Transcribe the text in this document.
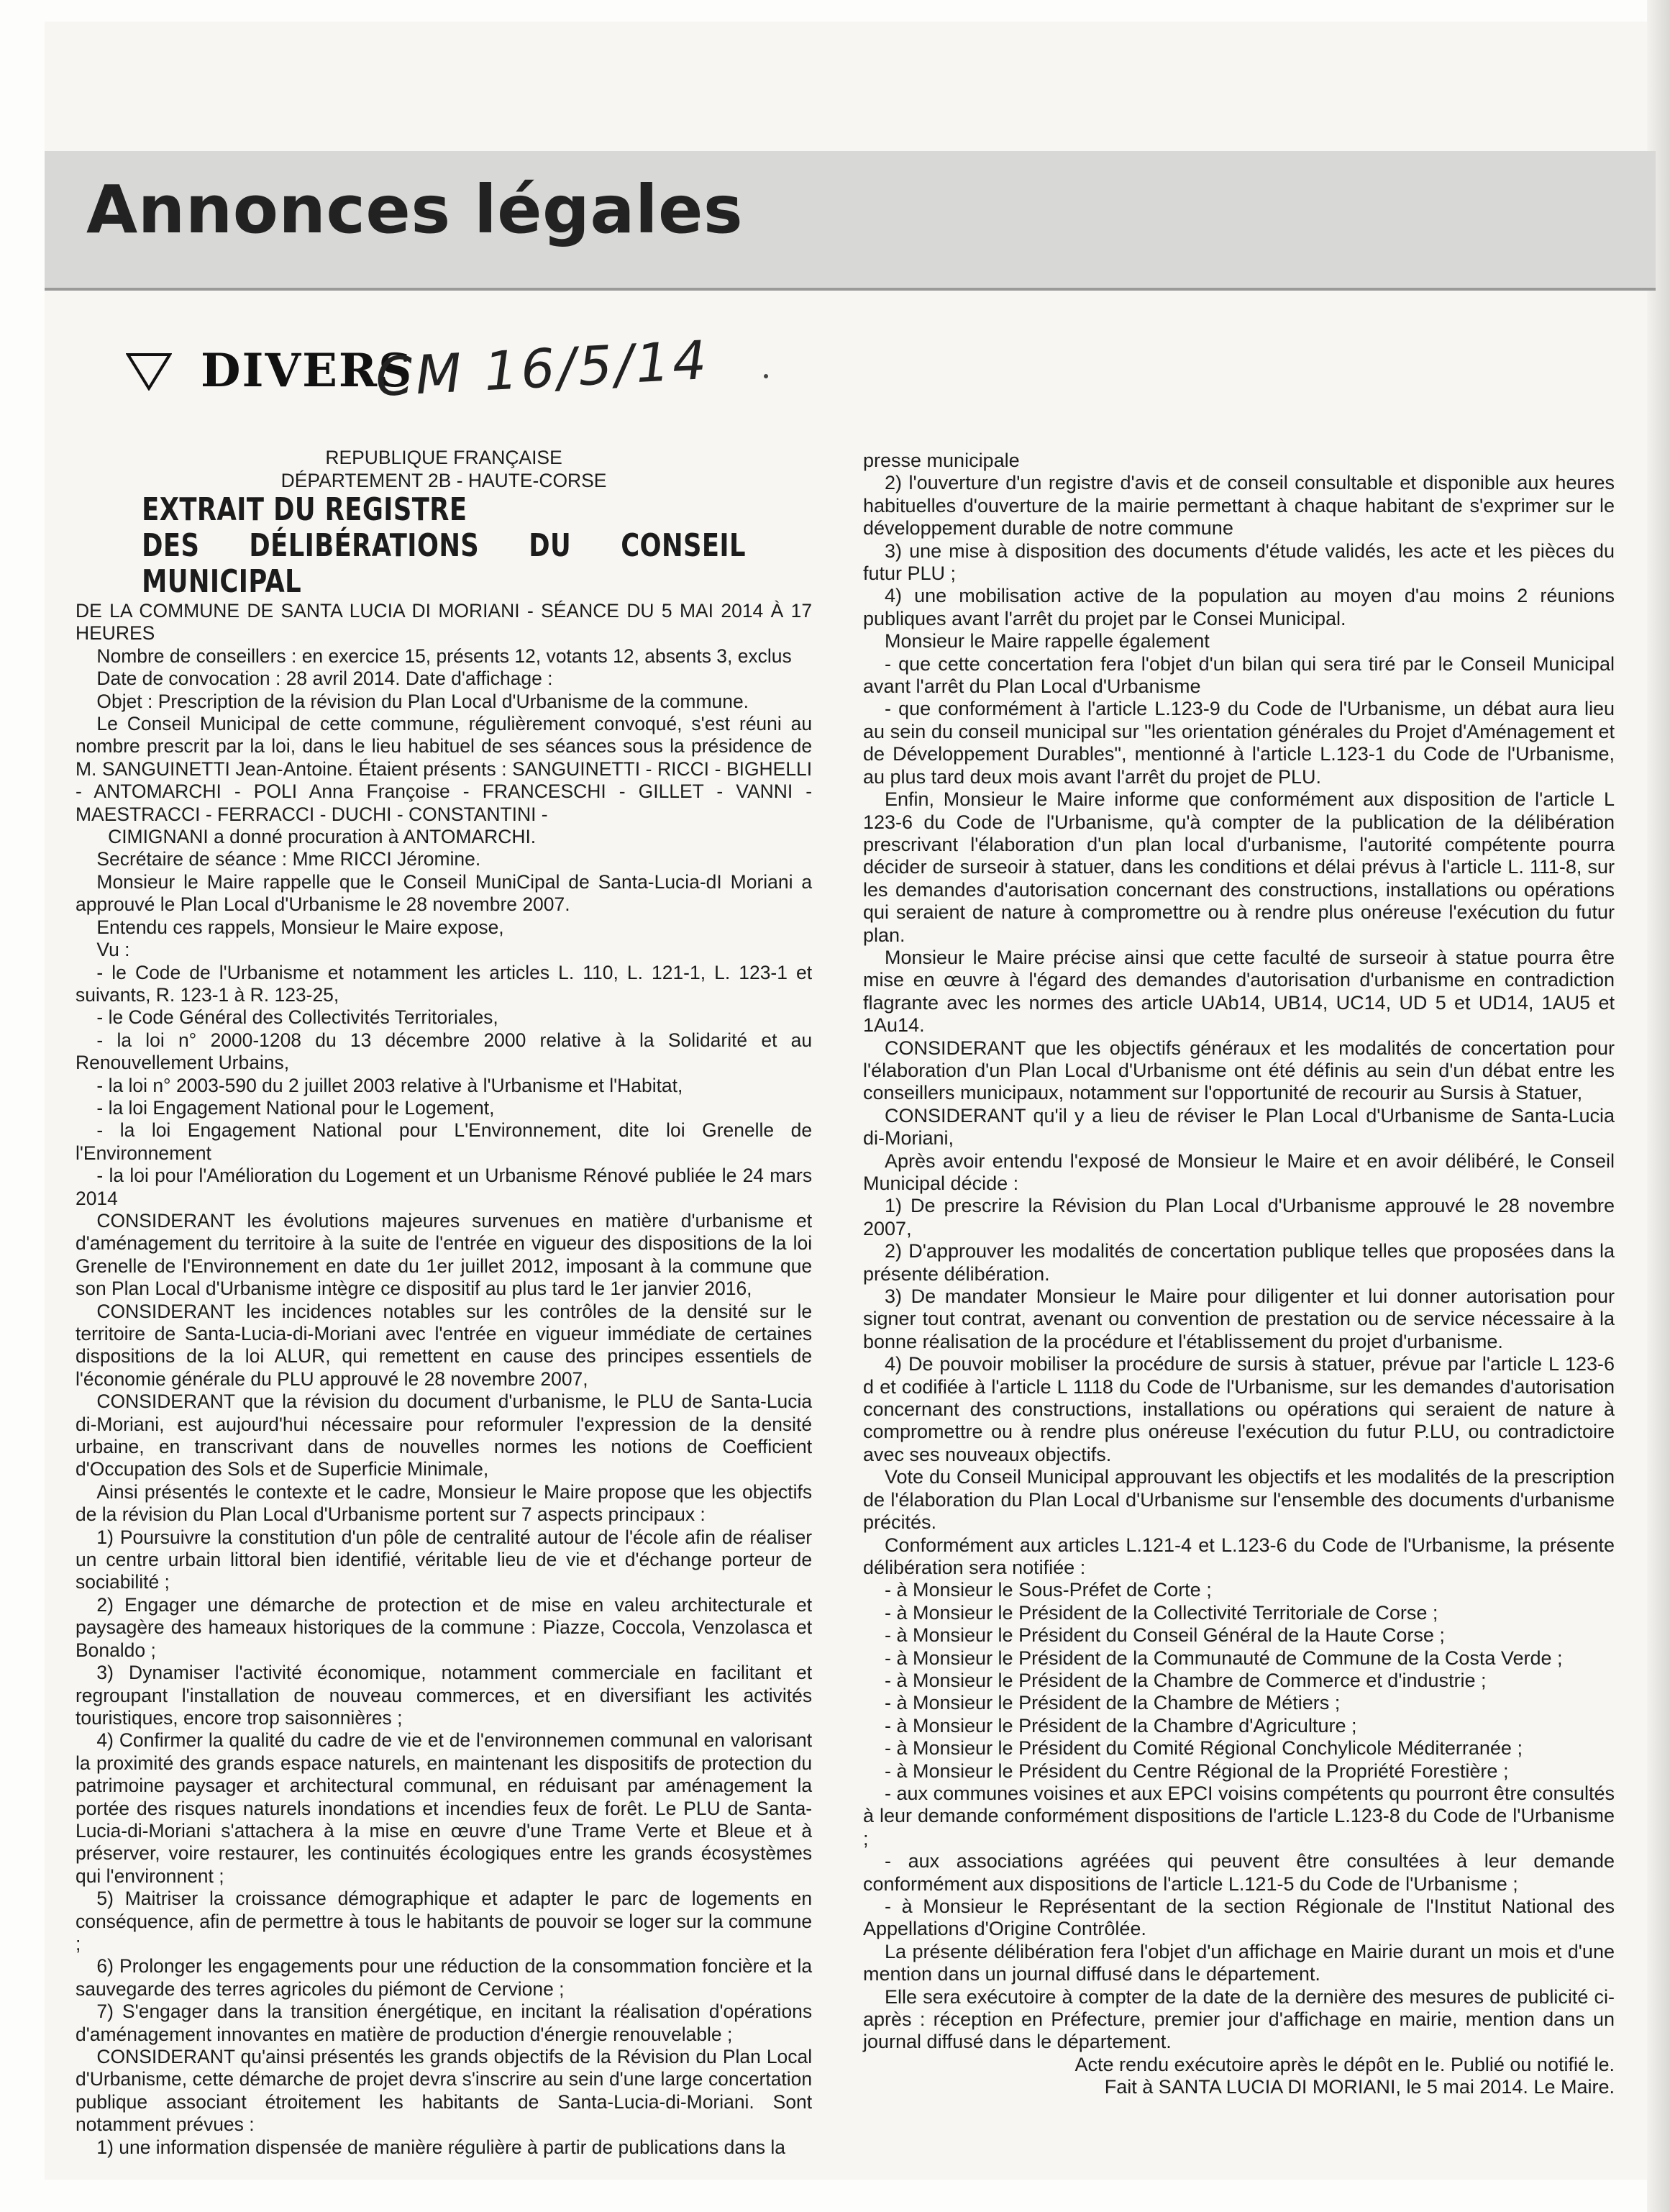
Annonces légales
DIVERS
CM 16/5/14

REPUBLIQUE FRANÇAISE

DÉPARTEMENT 2B - HAUTE-CORSE

EXTRAIT DU REGISTRE

DES DÉLIBÉRATIONS DU CONSEIL MUNICIPAL

DE LA COMMUNE DE SANTA LUCIA DI MORIANI - SÉANCE DU 5 MAI 2014 À 17 HEURES

Nombre de conseillers : en exercice 15, présents 12, votants 12, absents 3, exclus

Date de convocation : 28 avril 2014. Date d'affichage :

Objet : Prescription de la révision du Plan Local d'Urbanisme de la commune.

Le Conseil Municipal de cette commune, régulièrement convoqué, s'est réuni au nombre prescrit par la loi, dans le lieu habituel de ses séances sous la présidence de M. SANGUINETTI Jean-Antoine. Étaient présents : SANGUINETTI - RICCI - BIGHELLI - ANTOMARCHI - POLI Anna Françoise - FRANCESCHI - GILLET - VANNI - MAESTRACCI - FERRACCI - DUCHI - CONSTANTINI -

CIMIGNANI a donné procuration à ANTOMARCHI.

Secrétaire de séance : Mme RICCI Jéromine.

Monsieur le Maire rappelle que le Conseil MuniCipal de Santa-Lucia-dI Moriani a approuvé le Plan Local d'Urbanisme le 28 novembre 2007.

Entendu ces rappels, Monsieur le Maire expose,

Vu :

- le Code de l'Urbanisme et notamment les articles L. 110, L. 121-1, L. 123-1 et suivants, R. 123-1 à R. 123-25,

- le Code Général des Collectivités Territoriales,

- la loi n° 2000-1208 du 13 décembre 2000 relative à la Solidarité et au Renouvellement Urbains,

- la loi n° 2003-590 du 2 juillet 2003 relative à l'Urbanisme et l'Habitat,

- la loi Engagement National pour le Logement,

- la loi Engagement National pour L'Environnement, dite loi Grenelle de l'Environnement

- la loi pour l'Amélioration du Logement et un Urbanisme Rénové publiée le 24 mars 2014

CONSIDERANT les évolutions majeures survenues en matière d'urbanisme et d'aménagement du territoire à la suite de l'entrée en vigueur des dispositions de la loi Grenelle de l'Environnement en date du 1er juillet 2012, imposant à la commune que son Plan Local d'Urbanisme intègre ce dispositif au plus tard le 1er janvier 2016,

CONSIDERANT les incidences notables sur les contrôles de la densité sur le territoire de Santa-Lucia-di-Moriani avec l'entrée en vigueur immédiate de certaines dispositions de la loi ALUR, qui remettent en cause des principes essentiels de l'économie générale du PLU approuvé le 28 novembre 2007,

CONSIDERANT que la révision du document d'urbanisme, le PLU de Santa-Lucia di-Moriani, est aujourd'hui nécessaire pour reformuler l'expression de la densité urbaine, en transcrivant dans de nouvelles normes les notions de Coefficient d'Occupation des Sols et de Superficie Minimale,

Ainsi présentés le contexte et le cadre, Monsieur le Maire propose que les objectifs de la révision du Plan Local d'Urbanisme portent sur 7 aspects principaux :

1) Poursuivre la constitution d'un pôle de centralité autour de l'école afin de réaliser un centre urbain littoral bien identifié, véritable lieu de vie et d'échange porteur de sociabilité ;

2) Engager une démarche de protection et de mise en valeu architecturale et paysagère des hameaux historiques de la commune : Piazze, Coccola, Venzolasca et Bonaldo ;

3) Dynamiser l'activité économique, notamment commerciale en facilitant et regroupant l'installation de nouveau commerces, et en diversifiant les activités touristiques, encore trop saisonnières ;

4) Confirmer la qualité du cadre de vie et de l'environnemen communal en valorisant la proximité des grands espace naturels, en maintenant les dispositifs de protection du patrimoine paysager et architectural communal, en réduisant par aménagement la portée des risques naturels inondations et incendies feux de forêt. Le PLU de Santa-Lucia-di-Moriani s'attachera à la mise en œuvre d'une Trame Verte et Bleue et à préserver, voire restaurer, les continuités écologiques entre les grands écosystèmes qui l'environnent ;

5) Maitriser la croissance démographique et adapter le parc de logements en conséquence, afin de permettre à tous le habitants de pouvoir se loger sur la commune ;

6) Prolonger les engagements pour une réduction de la consommation foncière et la sauvegarde des terres agricoles du piémont de Cervione ;

7) S'engager dans la transition énergétique, en incitant la réalisation d'opérations d'aménagement innovantes en matière de production d'énergie renouvelable ;

CONSIDERANT qu'ainsi présentés les grands objectifs de la Révision du Plan Local d'Urbanisme, cette démarche de projet devra s'inscrire au sein d'une large concertation publique associant étroitement les habitants de Santa-Lucia-di-Moriani. Sont notamment prévues :

1) une information dispensée de manière régulière à partir de publications dans la

presse municipale

2) l'ouverture d'un registre d'avis et de conseil consultable et disponible aux heures habituelles d'ouverture de la mairie permettant à chaque habitant de s'exprimer sur le développement durable de notre commune

3) une mise à disposition des documents d'étude validés, les acte et les pièces du futur PLU ;

4) une mobilisation active de la population au moyen d'au moins 2 réunions publiques avant l'arrêt du projet par le Consei Municipal.

Monsieur le Maire rappelle également

- que cette concertation fera l'objet d'un bilan qui sera tiré par le Conseil Municipal avant l'arrêt du Plan Local d'Urbanisme

- que conformément à l'article L.123-9 du Code de l'Urbanisme, un débat aura lieu au sein du conseil municipal sur "les orientation générales du Projet d'Aménagement et de Développement Durables", mentionné à l'article L.123-1 du Code de l'Urbanisme, au plus tard deux mois avant l'arrêt du projet de PLU.

Enfin, Monsieur le Maire informe que conformément aux disposition de l'article L 123-6 du Code de l'Urbanisme, qu'à compter de la publication de la délibération prescrivant l'élaboration d'un plan local d'urbanisme, l'autorité compétente pourra décider de surseoir à statuer, dans les conditions et délai prévus à l'article L. 111-8, sur les demandes d'autorisation concernant des constructions, installations ou opérations qui seraient de nature à compromettre ou à rendre plus onéreuse l'exécution du futur plan.

Monsieur le Maire précise ainsi que cette faculté de surseoir à statue pourra être mise en œuvre à l'égard des demandes d'autorisation d'urbanisme en contradiction flagrante avec les normes des article UAb14, UB14, UC14, UD 5 et UD14, 1AU5 et 1Au14.

CONSIDERANT que les objectifs généraux et les modalités de concertation pour l'élaboration d'un Plan Local d'Urbanisme ont été définis au sein d'un débat entre les conseillers municipaux, notamment sur l'opportunité de recourir au Sursis à Statuer,

CONSIDERANT qu'il y a lieu de réviser le Plan Local d'Urbanisme de Santa-Lucia di-Moriani,

Après avoir entendu l'exposé de Monsieur le Maire et en avoir délibéré, le Conseil Municipal décide :

1) De prescrire la Révision du Plan Local d'Urbanisme approuvé le 28 novembre 2007,

2) D'approuver les modalités de concertation publique telles que proposées dans la présente délibération.

3) De mandater Monsieur le Maire pour diligenter et lui donner autorisation pour signer tout contrat, avenant ou convention de prestation ou de service nécessaire à la bonne réalisation de la procédure et l'établissement du projet d'urbanisme.

4) De pouvoir mobiliser la procédure de sursis à statuer, prévue par l'article L 123-6 d et codifiée à l'article L 1118 du Code de l'Urbanisme, sur les demandes d'autorisation concernant des constructions, installations ou opérations qui seraient de nature à compromettre ou à rendre plus onéreuse l'exécution du futur P.LU, ou contradictoire avec ses nouveaux objectifs.

Vote du Conseil Municipal approuvant les objectifs et les modalités de la prescription de l'élaboration du Plan Local d'Urbanisme sur l'ensemble des documents d'urbanisme précités.

Conformément aux articles L.121-4 et L.123-6 du Code de l'Urbanisme, la présente délibération sera notifiée :

- à Monsieur le Sous-Préfet de Corte ;

- à Monsieur le Président de la Collectivité Territoriale de Corse ;

- à Monsieur le Président du Conseil Général de la Haute Corse ;

- à Monsieur le Président de la Communauté de Commune de la Costa Verde ;

- à Monsieur le Président de la Chambre de Commerce et d'industrie ;

- à Monsieur le Président de la Chambre de Métiers ;

- à Monsieur le Président de la Chambre d'Agriculture ;

- à Monsieur le Président du Comité Régional Conchylicole Méditerranée ;

- à Monsieur le Président du Centre Régional de la Propriété Forestière ;

- aux communes voisines et aux EPCI voisins compétents qu pourront être consultés à leur demande conformément dispositions de l'article L.123-8 du Code de l'Urbanisme ;

- aux associations agréées qui peuvent être consultées à leur demande conformément aux dispositions de l'article L.121-5 du Code de l'Urbanisme ;

- à Monsieur le Représentant de la section Régionale de l'Institut National des Appellations d'Origine Contrôlée.

La présente délibération fera l'objet d'un affichage en Mairie durant un mois et d'une mention dans un journal diffusé dans le département.

Elle sera exécutoire à compter de la date de la dernière des mesures de publicité ci-après : réception en Préfecture, premier jour d'affichage en mairie, mention dans un journal diffusé dans le département.

Acte rendu exécutoire après le dépôt en le. Publié ou notifié le.

Fait à SANTA LUCIA DI MORIANI, le 5 mai 2014. Le Maire.
